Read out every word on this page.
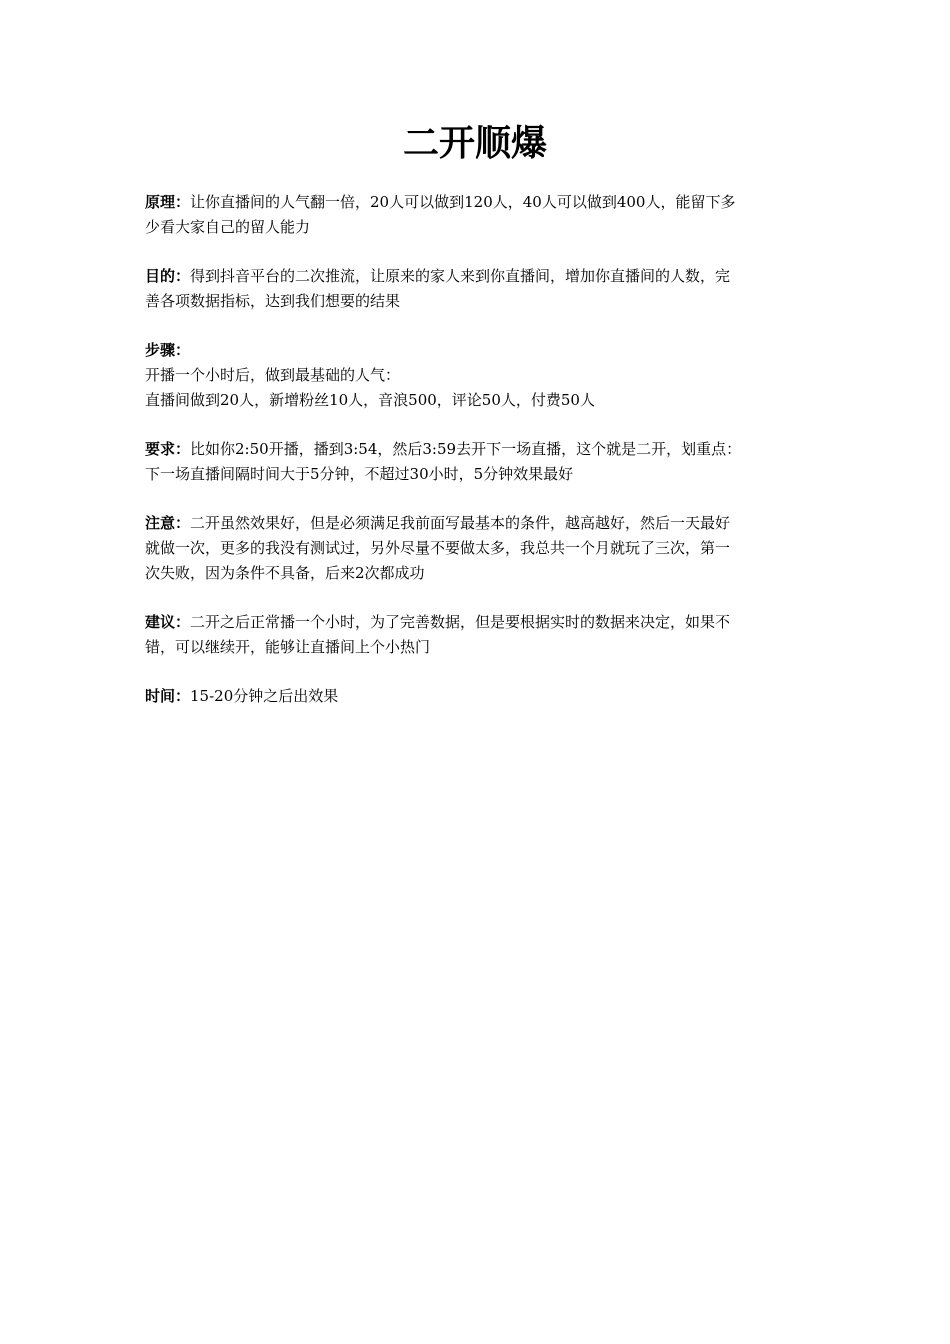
二开顺爆
原理：让你直播间的人气翻一倍，20人可以做到120人，40人可以做到400人，能留下多
少看大家自己的留人能力
目的：得到抖音平台的二次推流，让原来的家人来到你直播间，增加你直播间的人数，完
善各项数据指标，达到我们想要的结果
步骤：
开播一个小时后，做到最基础的人气：
直播间做到20人，新增粉丝10人，音浪500，评论50人，付费50人
要求：比如你2:50开播，播到3:54，然后3:59去开下一场直播，这个就是二开，划重点：
下一场直播间隔时间大于5分钟，不超过30小时，5分钟效果最好
注意：二开虽然效果好，但是必须满足我前面写最基本的条件，越高越好，然后一天最好
就做一次，更多的我没有测试过，另外尽量不要做太多，我总共一个月就玩了三次，第一
次失败，因为条件不具备，后来2次都成功
建议：二开之后正常播一个小时，为了完善数据，但是要根据实时的数据来决定，如果不
错，可以继续开，能够让直播间上个小热门
时间：15-20分钟之后出效果
